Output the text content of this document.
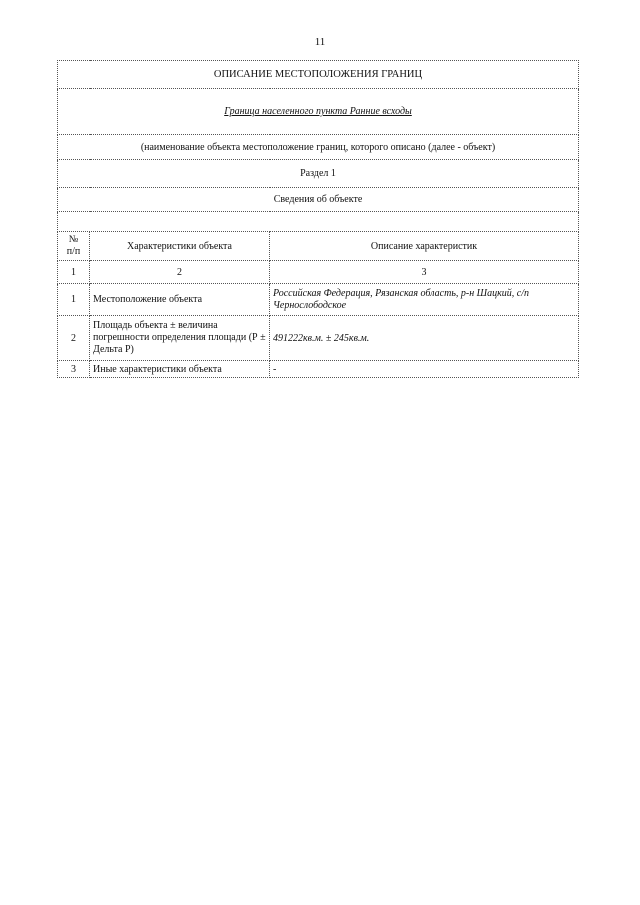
11
ОПИСАНИЕ МЕСТОПОЛОЖЕНИЯ ГРАНИЦ		
Граница населенного пункта Ранние всходы		
(наименование объекта местоположение границ, которого описано (далее - объект)		
Раздел 1		
Сведения об объекте		

№
п/п	Характеристики объекта	Описание характеристик
1	2	3
1	Местоположение объекта	Российская Федерация, Рязанская область, р-н Шацкий, с/п Чернослободское
2	Площадь объекта ± величина погрешности определения площади (Р ± Дельта Р)	491222кв.м. ± 245кв.м.
3	Иные характеристики объекта	-
